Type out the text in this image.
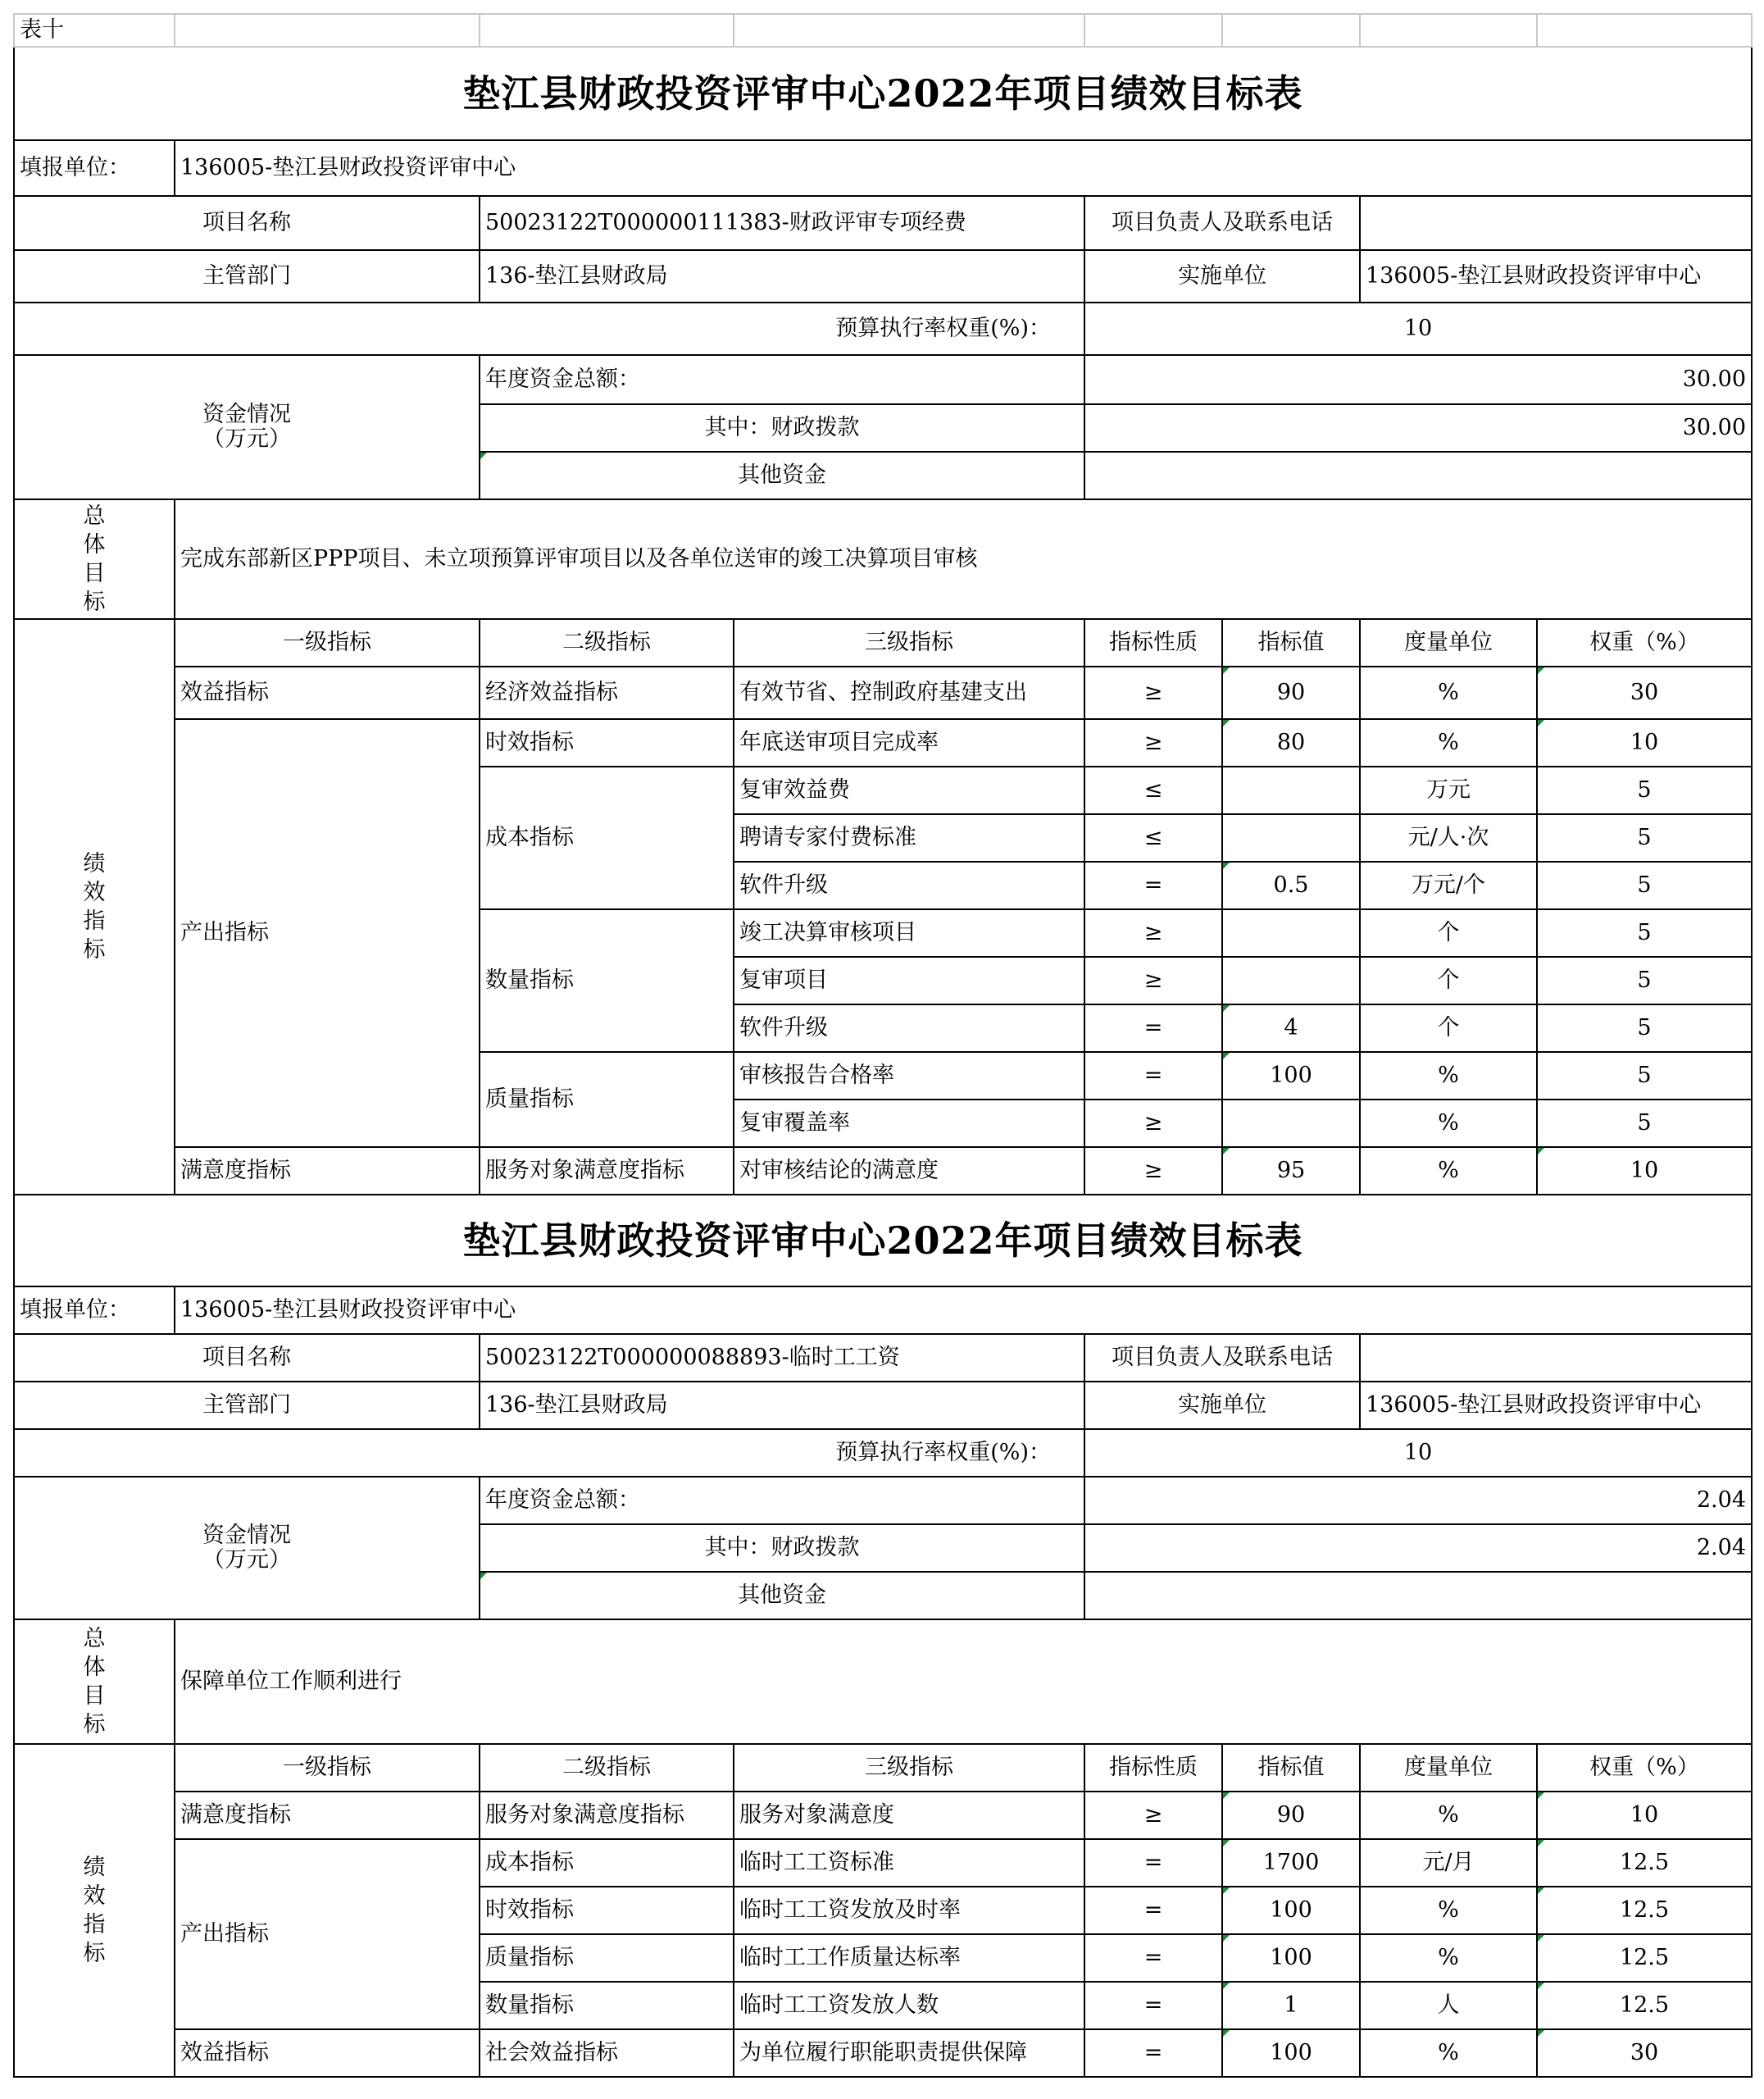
表十							
垫江县财政投资评审中心2022年项目绩效目标表							
填报单位：	136005-垫江县财政投资评审中心						
项目名称		50023122T000000111383-财政评审专项经费		项目负责人及联系电话			
主管部门		136-垫江县财政局		实施单位		136005-垫江县财政投资评审中心	
预算执行率权重(%)：				10			

资金情况
（万元）		年度资金总额：		30.00			
		其中：财政拨款		30.00			
		其他资金					

总
体
目
标	完成东部新区PPP项目、未立项预算评审项目以及各单位送审的竣工决算项目审核						

绩
效
指
标	一级指标	二级指标	三级指标	指标性质	指标值	度量单位	权重（%）
	效益指标	经济效益指标	有效节省、控制政府基建支出	≥	90	%	30
	产出指标	时效指标	年底送审项目完成率	≥	80	%	10
		成本指标	复审效益费	≤		万元	5
			聘请专家付费标准	≤		元/人·次	5
			软件升级	=	0.5	万元/个	5
		数量指标	竣工决算审核项目	≥		个	5
			复审项目	≥		个	5
			软件升级	=	4	个	5
		质量指标	审核报告合格率	=	100	%	5
			复审覆盖率	≥		%	5
	满意度指标	服务对象满意度指标	对审核结论的满意度	≥	95	%	10
垫江县财政投资评审中心2022年项目绩效目标表							
填报单位：	136005-垫江县财政投资评审中心						
项目名称		50023122T000000088893-临时工工资		项目负责人及联系电话			
主管部门		136-垫江县财政局		实施单位		136005-垫江县财政投资评审中心	
预算执行率权重(%)：				10			

资金情况
（万元）		年度资金总额：		2.04			
		其中：财政拨款		2.04			
		其他资金					

总
体
目
标	保障单位工作顺利进行						

绩
效
指
标	一级指标	二级指标	三级指标	指标性质	指标值	度量单位	权重（%）
	满意度指标	服务对象满意度指标	服务对象满意度	≥	90	%	10
	产出指标	成本指标	临时工工资标准	=	1700	元/月	12.5
		时效指标	临时工工资发放及时率	=	100	%	12.5
		质量指标	临时工工作质量达标率	=	100	%	12.5
		数量指标	临时工工资发放人数	=	1	人	12.5
	效益指标	社会效益指标	为单位履行职能职责提供保障	=	100	%	30
